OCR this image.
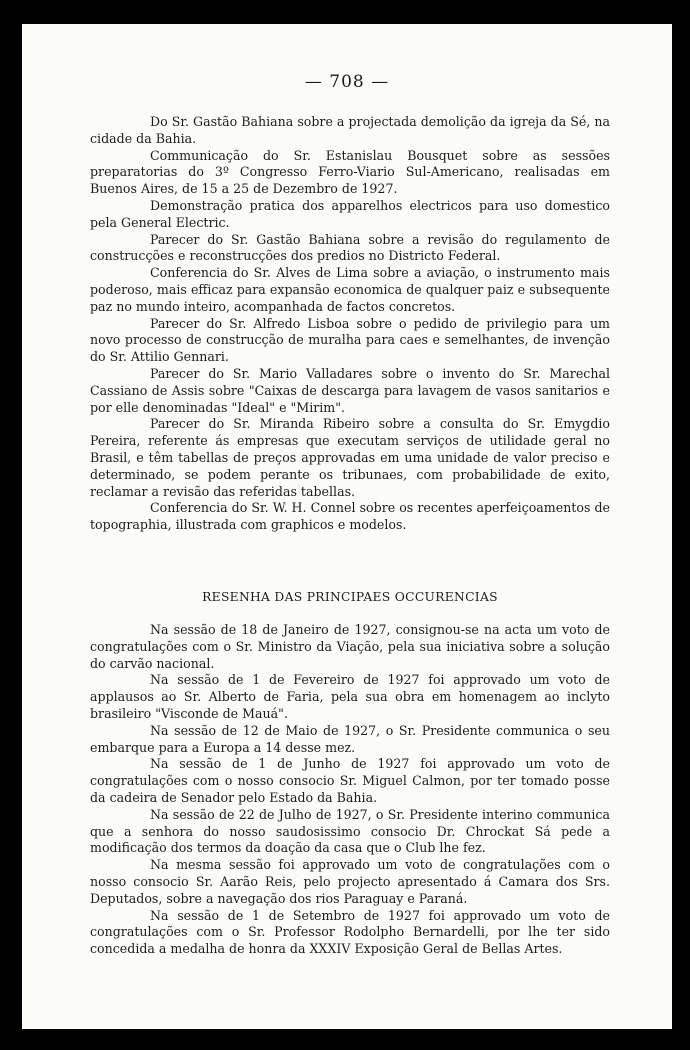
— 708 —

Do Sr. Gastão Bahiana sobre a projectada demolição da igreja da Sé, na cidade da Bahia.

Communicação do Sr. Estanislau Bousquet sobre as sessões preparatorias do 3º Congresso Ferro-Viario Sul-Americano, realisadas em Buenos Aires, de 15 a 25 de Dezembro de 1927.

Demonstração pratica dos apparelhos electricos para uso domestico pela General Electric.

Parecer do Sr. Gastão Bahiana sobre a revisão do regulamento de construcções e reconstrucções dos predios no Districto Federal.

Conferencia do Sr. Alves de Lima sobre a aviação, o instrumento mais poderoso, mais efficaz para expansão economica de qualquer paiz e subsequente paz no mundo inteiro, acompanhada de factos concretos.

Parecer do Sr. Alfredo Lisboa sobre o pedido de privilegio para um novo processo de construcção de muralha para caes e semelhantes, de invenção do Sr. Attilio Gennari.

Parecer do Sr. Mario Valladares sobre o invento do Sr. Marechal Cassiano de Assis sobre "Caixas de descarga para lavagem de vasos sanitarios e por elle denominadas "Ideal" e "Mirim".

Parecer do Sr. Miranda Ribeiro sobre a consulta do Sr. Emygdio Pereira, referente ás empresas que executam serviços de utilidade geral no Brasil, e têm tabellas de preços approvadas em uma unidade de valor preciso e determinado, se podem perante os tribunaes, com probabilidade de exito, reclamar a revisão das referidas tabellas.

Conferencia do Sr. W. H. Connel sobre os recentes aperfeiçoamentos de topographia, illustrada com graphicos e modelos.

RESENHA DAS PRINCIPAES OCCURENCIAS

Na sessão de 18 de Janeiro de 1927, consignou-se na acta um voto de congratulações com o Sr. Ministro da Viação, pela sua iniciativa sobre a solução do carvão nacional.

Na sessão de 1 de Fevereiro de 1927 foi approvado um voto de applausos ao Sr. Alberto de Faria, pela sua obra em homenagem ao inclyto brasileiro "Visconde de Mauá".

Na sessão de 12 de Maio de 1927, o Sr. Presidente communica o seu embarque para a Europa a 14 desse mez.

Na sessão de 1 de Junho de 1927 foi approvado um voto de congratulações com o nosso consocio Sr. Miguel Calmon, por ter tomado posse da cadeira de Senador pelo Estado da Bahia.

Na sessão de 22 de Julho de 1927, o Sr. Presidente interino communica que a senhora do nosso saudosissimo consocio Dr. Chrockat Sá pede a modificação dos termos da doação da casa que o Club lhe fez.

Na mesma sessão foi approvado um voto de congratulações com o nosso consocio Sr. Aarão Reis, pelo projecto apresentado á Camara dos Srs. Deputados, sobre a navegação dos rios Paraguay e Paraná.

Na sessão de 1 de Setembro de 1927 foi approvado um voto de congratulações com o Sr. Professor Rodolpho Bernardelli, por lhe ter sido concedida a medalha de honra da XXXIV Exposição Geral de Bellas Artes.
